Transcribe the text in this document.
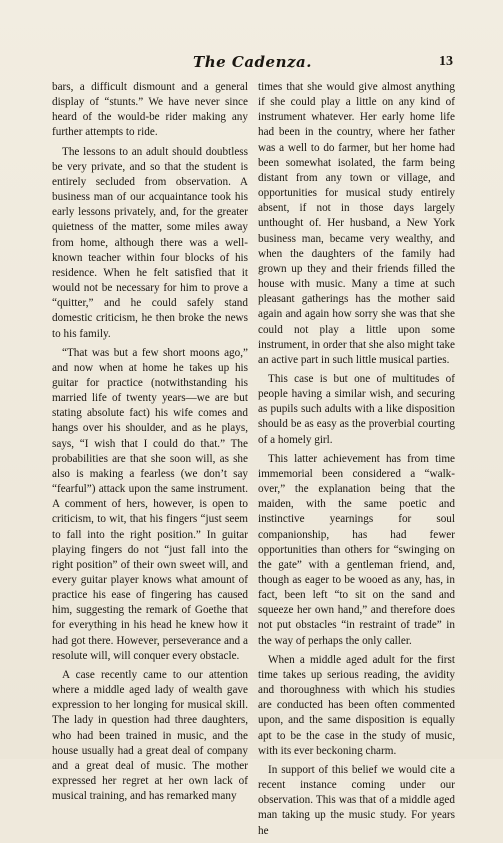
The Cadenza.	13

bars, a difficult dismount and a general display of “stunts.” We have never since heard of the would-be rider making any further attempts to ride.

The lessons to an adult should doubtless be very private, and so that the student is entirely secluded from observation. A business man of our acquaintance took his early lessons privately, and, for the greater quietness of the matter, some miles away from home, although there was a well-known teacher within four blocks of his residence. When he felt satisfied that it would not be necessary for him to prove a “quitter,” and he could safely stand domestic criticism, he then broke the news to his family.

“That was but a few short moons ago,” and now when at home he takes up his guitar for practice (notwithstanding his married life of twenty years—we are but stating absolute fact) his wife comes and hangs over his shoulder, and as he plays, says, “I wish that I could do that.” The probabilities are that she soon will, as she also is making a fearless (we don’t say “fearful”) attack upon the same instrument. A comment of hers, however, is open to criticism, to wit, that his fingers “just seem to fall into the right position.” In guitar playing fingers do not “just fall into the right position” of their own sweet will, and every guitar player knows what amount of practice his ease of fingering has caused him, suggesting the remark of Goethe that for everything in his head he knew how it had got there. However, perseverance and a resolute will, will conquer every obstacle.

A case recently came to our attention where a middle aged lady of wealth gave expression to her longing for musical skill. The lady in question had three daughters, who had been trained in music, and the house usually had a great deal of company and a great deal of music. The mother expressed her regret at her own lack of musical training, and has remarked many

times that she would give almost anything if she could play a little on any kind of instrument whatever. Her early home life had been in the country, where her father was a well to do farmer, but her home had been somewhat isolated, the farm being distant from any town or village, and opportunities for musical study entirely absent, if not in those days largely unthought of. Her husband, a New York business man, became very wealthy, and when the daughters of the family had grown up they and their friends filled the house with music. Many a time at such pleasant gatherings has the mother said again and again how sorry she was that she could not play a little upon some instrument, in order that she also might take an active part in such little musical parties.

This case is but one of multitudes of people having a similar wish, and securing as pupils such adults with a like disposition should be as easy as the proverbial courting of a homely girl.

This latter achievement has from time immemorial been considered a “walk-over,” the explanation being that the maiden, with the same poetic and instinctive yearnings for soul companionship, has had fewer opportunities than others for “swinging on the gate” with a gentleman friend, and, though as eager to be wooed as any, has, in fact, been left “to sit on the sand and squeeze her own hand,” and therefore does not put obstacles “in restraint of trade” in the way of perhaps the only caller.

When a middle aged adult for the first time takes up serious reading, the avidity and thoroughness with which his studies are conducted has been often commented upon, and the same disposition is equally apt to be the case in the study of music, with its ever beckoning charm.

In support of this belief we would cite a recent instance coming under our observation. This was that of a middle aged man taking up the music study. For years he
